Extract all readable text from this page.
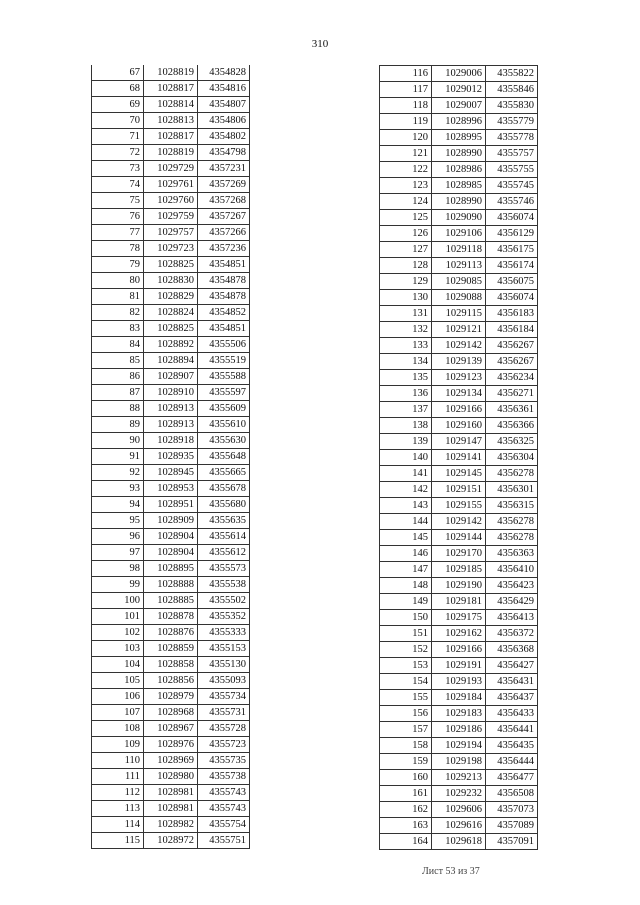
310
67	1028819	4354828
68	1028817	4354816
69	1028814	4354807
70	1028813	4354806
71	1028817	4354802
72	1028819	4354798
73	1029729	4357231
74	1029761	4357269
75	1029760	4357268
76	1029759	4357267
77	1029757	4357266
78	1029723	4357236
79	1028825	4354851
80	1028830	4354878
81	1028829	4354878
82	1028824	4354852
83	1028825	4354851
84	1028892	4355506
85	1028894	4355519
86	1028907	4355588
87	1028910	4355597
88	1028913	4355609
89	1028913	4355610
90	1028918	4355630
91	1028935	4355648
92	1028945	4355665
93	1028953	4355678
94	1028951	4355680
95	1028909	4355635
96	1028904	4355614
97	1028904	4355612
98	1028895	4355573
99	1028888	4355538
100	1028885	4355502
101	1028878	4355352
102	1028876	4355333
103	1028859	4355153
104	1028858	4355130
105	1028856	4355093
106	1028979	4355734
107	1028968	4355731
108	1028967	4355728
109	1028976	4355723
110	1028969	4355735
111	1028980	4355738
112	1028981	4355743
113	1028981	4355743
114	1028982	4355754
115	1028972	4355751
116	1029006	4355822
117	1029012	4355846
118	1029007	4355830
119	1028996	4355779
120	1028995	4355778
121	1028990	4355757
122	1028986	4355755
123	1028985	4355745
124	1028990	4355746
125	1029090	4356074
126	1029106	4356129
127	1029118	4356175
128	1029113	4356174
129	1029085	4356075
130	1029088	4356074
131	1029115	4356183
132	1029121	4356184
133	1029142	4356267
134	1029139	4356267
135	1029123	4356234
136	1029134	4356271
137	1029166	4356361
138	1029160	4356366
139	1029147	4356325
140	1029141	4356304
141	1029145	4356278
142	1029151	4356301
143	1029155	4356315
144	1029142	4356278
145	1029144	4356278
146	1029170	4356363
147	1029185	4356410
148	1029190	4356423
149	1029181	4356429
150	1029175	4356413
151	1029162	4356372
152	1029166	4356368
153	1029191	4356427
154	1029193	4356431
155	1029184	4356437
156	1029183	4356433
157	1029186	4356441
158	1029194	4356435
159	1029198	4356444
160	1029213	4356477
161	1029232	4356508
162	1029606	4357073
163	1029616	4357089
164	1029618	4357091
Лист 53 из 37
